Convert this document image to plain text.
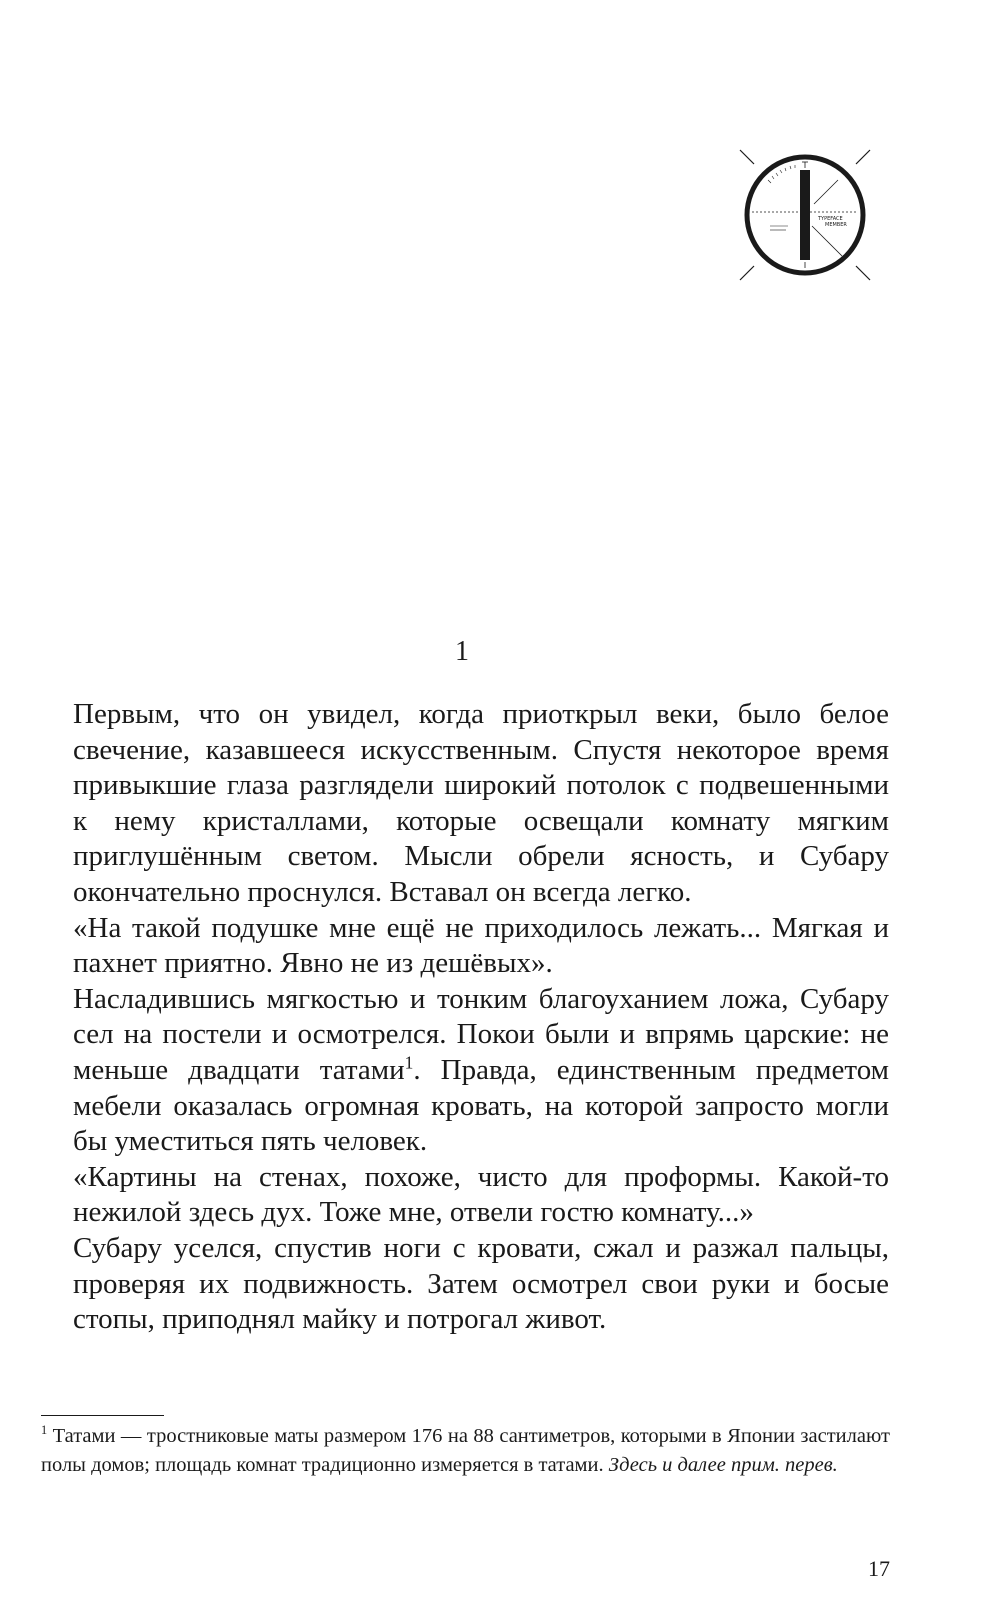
TYPEFACE
MEMBER
1

Первым, что он увидел, когда приоткрыл веки, было белое свечение, казавшееся искусственным. Спустя некоторое время привыкшие глаза разглядели широкий потолок с подвешенными к нему кристаллами, которые освещали комнату мягким приглушённым светом. Мысли обрели ясность, и Субару окончательно проснулся. Вставал он всегда легко.

«На такой подушке мне ещё не приходилось лежать... Мягкая и пахнет приятно. Явно не из дешёвых».

Насладившись мягкостью и тонким благоуханием ложа, Субару сел на постели и осмотрелся. Покои были и впрямь царские: не меньше двадцати татами$^1$. Правда, единственным предметом мебели оказалась огромная кровать, на которой запросто могли бы уместиться пять человек.

«Картины на стенах, похоже, чисто для проформы. Какой-то нежилой здесь дух. Тоже мне, отвели гостю комнату...»

Субару уселся, спустив ноги с кровати, сжал и разжал пальцы, проверяя их подвижность. Затем осмотрел свои руки и босые стопы, приподнял майку и потрогал живот.

$^1$ Татами — тростниковые маты размером 176 на 88 сантиметров, которыми в Японии застилают полы домов; площадь комнат традиционно измеряется в татами. Здесь и далее прим. перев.
17
